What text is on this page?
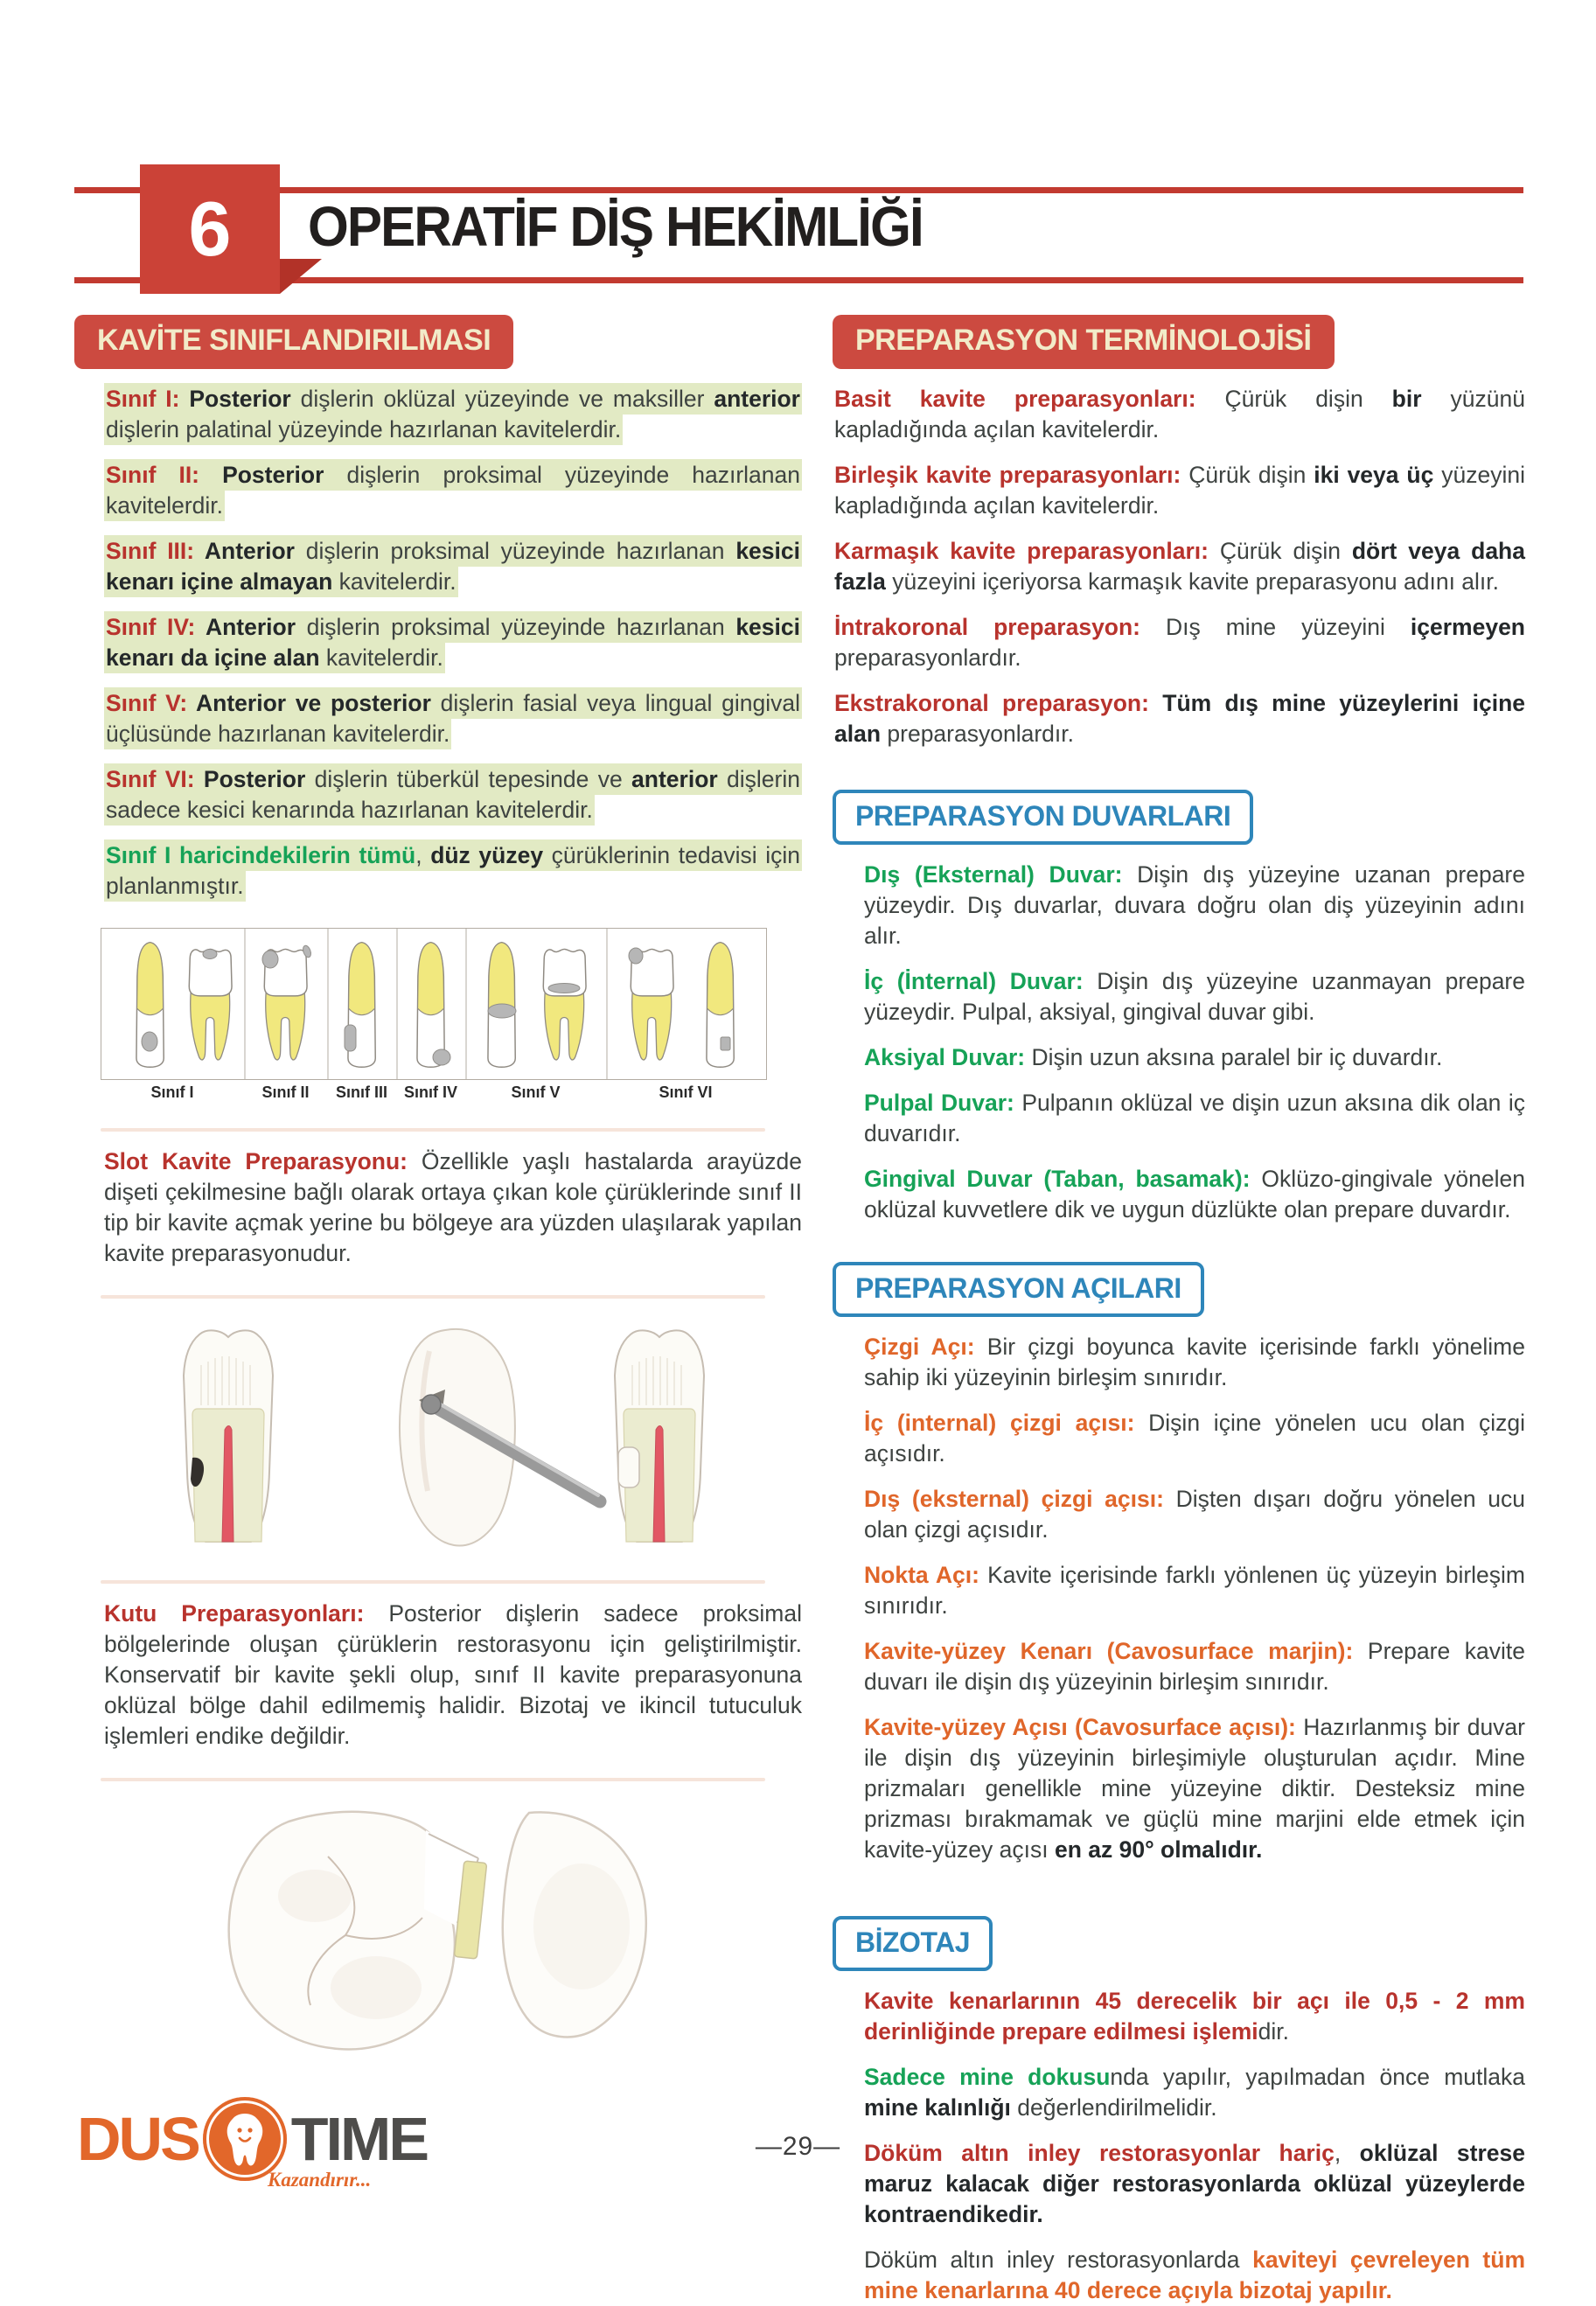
6 OPERATİF DİŞ HEKİMLİĞİ
KAVİTE SINIFLANDIRILMASI

Sınıf I: Posterior dişlerin oklüzal yüzeyinde ve maksiller anterior dişlerin palatinal yüzeyinde hazırlanan kavitelerdir.

Sınıf II: Posterior dişlerin proksimal yüzeyinde hazırlanan kavitelerdir.

Sınıf III: Anterior dişlerin proksimal yüzeyinde hazırlanan kesici kenarı içine almayan kavitelerdir.

Sınıf IV: Anterior dişlerin proksimal yüzeyinde hazırlanan kesici kenarı da içine alan kavitelerdir.

Sınıf V: Anterior ve posterior dişlerin fasial veya lingual gingival üçlüsünde hazırlanan kavitelerdir.

Sınıf VI: Posterior dişlerin tüberkül tepesinde ve anterior dişlerin sadece kesici kenarında hazırlanan kavitelerdir.

Sınıf I haricindekilerin tümü, düz yüzey çürüklerinin tedavisi için planlanmıştır.

Sınıf I	Sınıf II	Sınıf III	Sınıf IV	Sınıf V	Sınıf VI

Slot Kavite Preparasyonu: Özellikle yaşlı hastalarda arayüzde dişeti çekilmesine bağlı olarak ortaya çıkan kole çürüklerinde sınıf II tip bir kavite açmak yerine bu bölgeye ara yüzden ulaşılarak yapılan kavite preparasyonudur.

Kutu Preparasyonları: Posterior dişlerin sadece proksimal bölgelerinde oluşan çürüklerin restorasyonu için geliştirilmiştir. Konservatif bir kavite şekli olup, sınıf II kavite preparasyonuna oklüzal bölge dahil edilmemiş halidir. Bizotaj ve ikincil tutuculuk işlemleri endike değildir.

PREPARASYON TERMİNOLOJİSİ

Basit kavite preparasyonları: Çürük dişin bir yüzünü kapladığında açılan kavitelerdir.

Birleşik kavite preparasyonları: Çürük dişin iki veya üç yüzeyini kapladığında açılan kavitelerdir.

Karmaşık kavite preparasyonları: Çürük dişin dört veya daha fazla yüzeyini içeriyorsa karmaşık kavite preparasyonu adını alır.

İntrakoronal preparasyon: Dış mine yüzeyini içermeyen preparasyonlardır.

Ekstrakoronal preparasyon: Tüm dış mine yüzeylerini içine alan preparasyonlardır.

PREPARASYON DUVARLARI

Dış (Eksternal) Duvar: Dişin dış yüzeyine uzanan prepare yüzeydir. Dış duvarlar, duvara doğru olan diş yüzeyinin adını alır.

İç (İnternal) Duvar: Dişin dış yüzeyine uzanmayan prepare yüzeydir. Pulpal, aksiyal, gingival duvar gibi.

Aksiyal Duvar: Dişin uzun aksına paralel bir iç duvardır.

Pulpal Duvar: Pulpanın oklüzal ve dişin uzun aksına dik olan iç duvarıdır.

Gingival Duvar (Taban, basamak): Oklüzo-gingivale yönelen oklüzal kuvvetlere dik ve uygun düzlükte olan prepare duvardır.

PREPARASYON AÇILARI

Çizgi Açı: Bir çizgi boyunca kavite içerisinde farklı yönelime sahip iki yüzeyinin birleşim sınırıdır.

İç (internal) çizgi açısı: Dişin içine yönelen ucu olan çizgi açısıdır.

Dış (eksternal) çizgi açısı: Dişten dışarı doğru yönelen ucu olan çizgi açısıdır.

Nokta Açı: Kavite içerisinde farklı yönlenen üç yüzeyin birleşim sınırıdır.

Kavite-yüzey Kenarı (Cavosurface marjin): Prepare kavite duvarı ile dişin dış yüzeyinin birleşim sınırıdır.

Kavite-yüzey Açısı (Cavosurface açısı): Hazırlanmış bir duvar ile dişin dış yüzeyinin birleşimiyle oluşturulan açıdır. Mine prizmaları genellikle mine yüzeyine diktir. Desteksiz mine prizması bırakmamak ve güçlü mine marjini elde etmek için kavite-yüzey açısı en az 90° olmalıdır.

BİZOTAJ

Kavite kenarlarının 45 derecelik bir açı ile 0,5 - 2 mm derinliğinde prepare edilmesi işlemidir.

Sadece mine dokusunda yapılır, yapılmadan önce mutlaka mine kalınlığı değerlendirilmelidir.

Döküm altın inley restorasyonlar hariç, oklüzal strese maruz kalacak diğer restorasyonlarda oklüzal yüzeylerde kontraendikedir.

Döküm altın inley restorasyonlarda kaviteyi çevreleyen tüm mine kenarlarına 40 derece açıyla bizotaj yapılır.

DUS TIME
Kazandırır...
—29—
